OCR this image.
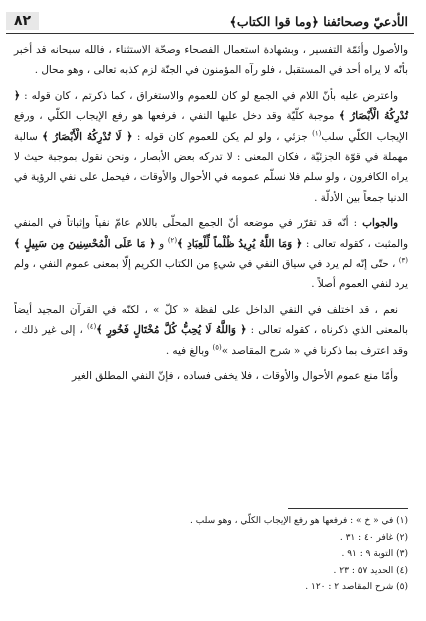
الأدعيّ وصحائفنا ﴿وما قوا الكتاب﴾
٨٢

والأصول وأئمّة التفسير ، وبشهادة استعمال الفصحاء وصحّة الاستثناء ، فالله سبحانه قد أخبر بأنّه لا يراه أحد في المستقبل ، فلو رآه المؤمنون في الجنّة لزم كذبه تعالى ، وهو محال .

واعترض عليه بأنّ اللام في الجمع لو كان للعموم والاستغراق ، كما ذكرتم ، كان قوله : ﴿ تُدْرِكُهُ الْأَبْصَارُ ﴾ موجبة كلّيّة وقد دخل عليها النفي ، فرفعها هو رفع الإيجاب الكلّي ، ورفع الإيجاب الكلّي سلب$^{(١)}$ جزئي ، ولو لم يكن للعموم كان قوله : ﴿ لَا تُدْرِكُهُ الْأَبْصَارُ ﴾ سالبة مهملة في قوّة الجزئيّة ، فكان المعنى : لا تدركه بعض الأبصار ، ونحن نقول بموجبة حيث لا يراه الكافرون ، ولو سلم فلا نسلّم عمومه في الأحوال والأوقات ، فيحمل على نفي الرؤية في الدنيا جمعاً بين الأدلّة .

والجواب : أنّه قد تقرّر في موضعه أنّ الجمع المحلّى باللام عامّ نفياً وإثباتاً في المنفي والمثبت ، كقوله تعالى : ﴿ وَمَا اللَّهُ يُرِيدُ ظُلْماً لِّلْعِبَادِ ﴾$^{(٢)}$ و ﴿ مَا عَلَى الْمُحْسِنِينَ مِن سَبِيلٍ ﴾$^{(٣)}$ ، حتّى إنّه لم يرد في سياق النفي في شيءٍ من الكتاب الكريم إلّا بمعنى عموم النفي ، ولم يرد لنفي العموم أصلاً .

نعم ، قد اختلف في النفي الداخل على لفظة « كلّ » ، لكنّه في القرآن المجيد أيضاً بالمعنى الذي ذكرناه ، كقوله تعالى : ﴿ وَاللَّهُ لَا يُحِبُّ كُلَّ مُخْتَالٍ فَخُورٍ ﴾$^{(٤)}$ ، إلى غير ذلك ، وقد اعترف بما ذكرنا في « شرح المقاصد »$^{(٥)}$ وبالغ فيه .

وأمّا منع عموم الأحوال والأوقات ، فلا يخفى فساده ، فإنّ النفي المطلق الغير

(١) في « خ » : فرفعها هو رفع الإيجاب الكلّي ، وهو سلب .
(٢) غافر ٤٠ : ٣١ .
(٣) التوبة ٩ : ٩١ .
(٤) الحديد ٥٧ : ٢٣ .
(٥) شرح المقاصد ٢ : ١٢٠ .
